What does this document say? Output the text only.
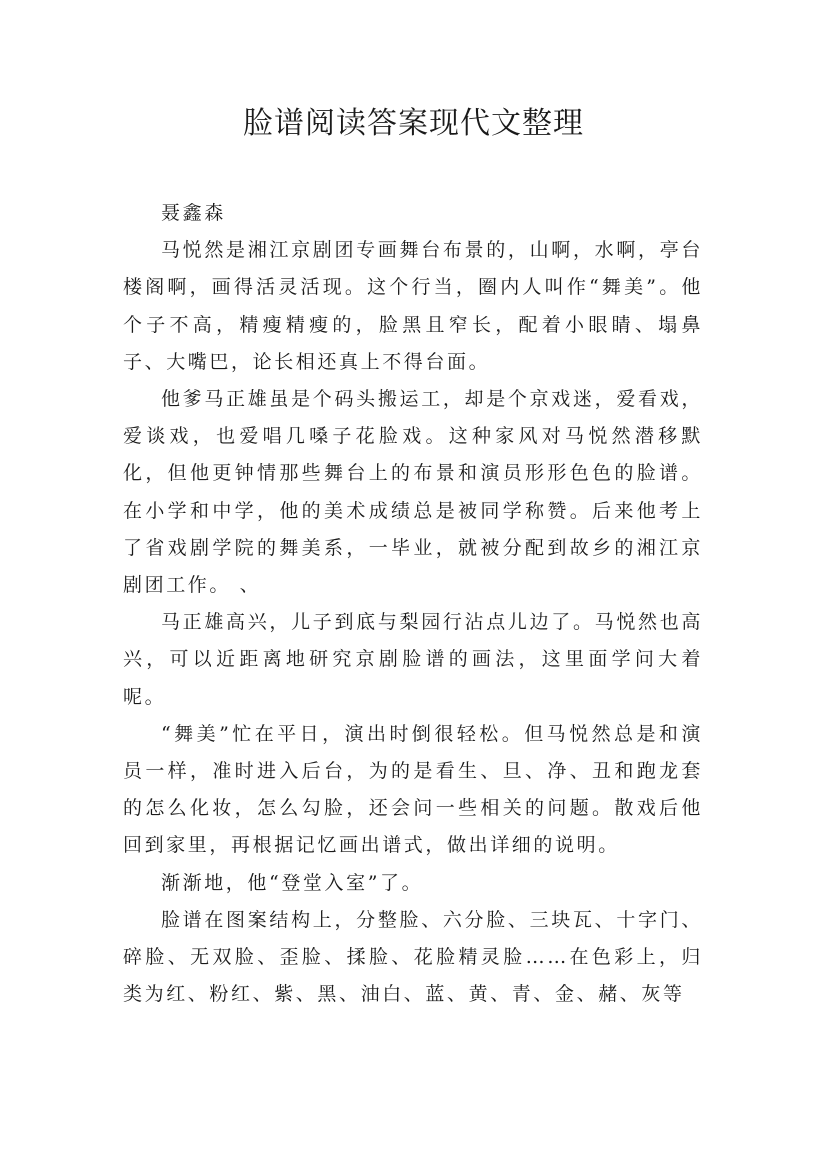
脸谱阅读答案现代文整理

聂鑫森

马悦然是湘江京剧团专画舞台布景的，山啊，水啊，亭台楼阁啊，画得活灵活现。这个行当，圈内人叫作“舞美”。他个子不高，精瘦精瘦的，脸黑且窄长，配着小眼睛、塌鼻子、大嘴巴，论长相还真上不得台面。

他爹马正雄虽是个码头搬运工，却是个京戏迷，爱看戏，爱谈戏，也爱唱几嗓子花脸戏。这种家风对马悦然潜移默化，但他更钟情那些舞台上的布景和演员形形色色的脸谱。在小学和中学，他的美术成绩总是被同学称赞。后来他考上了省戏剧学院的舞美系，一毕业，就被分配到故乡的湘江京剧团工作。 、

马正雄高兴，儿子到底与梨园行沾点儿边了。马悦然也高兴，可以近距离地研究京剧脸谱的画法，这里面学问大着呢。

“舞美”忙在平日，演出时倒很轻松。但马悦然总是和演员一样，准时进入后台，为的是看生、旦、净、丑和跑龙套的怎么化妆，怎么勾脸，还会问一些相关的问题。散戏后他回到家里，再根据记忆画出谱式，做出详细的说明。

渐渐地，他“登堂入室”了。

脸谱在图案结构上，分整脸、六分脸、三块瓦、十字门、碎脸、无双脸、歪脸、揉脸、花脸精灵脸……在色彩上，归类为红、粉红、紫、黑、油白、蓝、黄、青、金、赭、灰等
